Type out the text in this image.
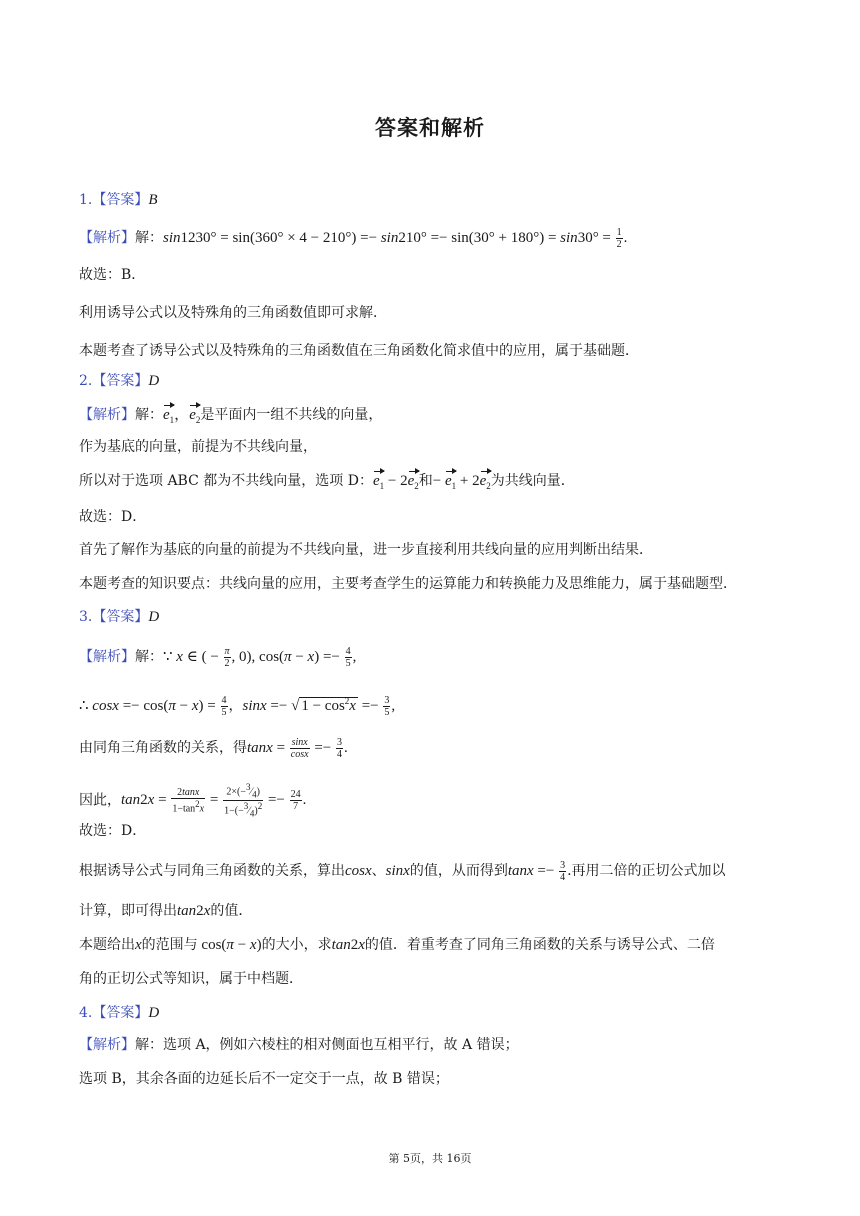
答案和解析
1.【答案】B
【解析】解：$\sin 1230^\circ = \sin(360^\circ \times 4 - 210^\circ) =- \sin 210^\circ =- \sin(30^\circ + 180^\circ) = \sin 30^\circ = \frac{1}{2}$ .
故选：B．
利用诱导公式以及特殊角的三角函数值即可求解．
本题考查了诱导公式以及特殊角的三角函数值在三角函数化简求值中的应用，属于基础题．
2.【答案】D
【解析】解：$e_1$，$e_2$是平面内一组不共线的向量，
作为基底的向量，前提为不共线向量，
所以对于选项 ABC 都为不共线向量，选项 D：$e_1 - 2e_2$和− $e_1 + 2e_2$为共线向量．
故选：D．
首先了解作为基底的向量的前提为不共线向量，进一步直接利用共线向量的应用判断出结果．
本题考查的知识要点：共线向量的应用，主要考查学生的运算能力和转换能力及思维能力，属于基础题型．
3.【答案】D
【解析】解：∵ x ∈ ( − $\frac{\pi}{2}$ , 0), $\cos(\pi - x) =- \frac{4}{5}$ ,
∴ $\cos x =- \cos(\pi - x) = \frac{4}{5}$ ，sinx =− √ $1 - \cos^2x =- \frac{3}{5}$ ,
由同角三角函数的关系，得$\tan x = \frac{\sin x}{\cos x} =- \frac{3}{4}$ .
因此，$\tan 2x = \frac{2\tan x}{1-\tan^2x} = \frac{2\times(-^3⁄_4)}{1-(-^3⁄_4)^2} =- \frac{24}{7}$ .
故选：D．
根据诱导公式与同角三角函数的关系，算出cosx、sinx的值，从而得到$\tan x =- \frac{3}{4}$ .再用二倍的正切公式加以
计算，即可得出tan2x的值．
本题给出x的范围与 cos(π − x)的大小，求tan2x的值．着重考查了同角三角函数的关系与诱导公式、二倍
角的正切公式等知识，属于中档题．
4.【答案】D
【解析】解：选项 A，例如六棱柱的相对侧面也互相平行，故 A 错误；
选项 B，其余各面的边延长后不一定交于一点，故 B 错误；
第 5页，共 16页
